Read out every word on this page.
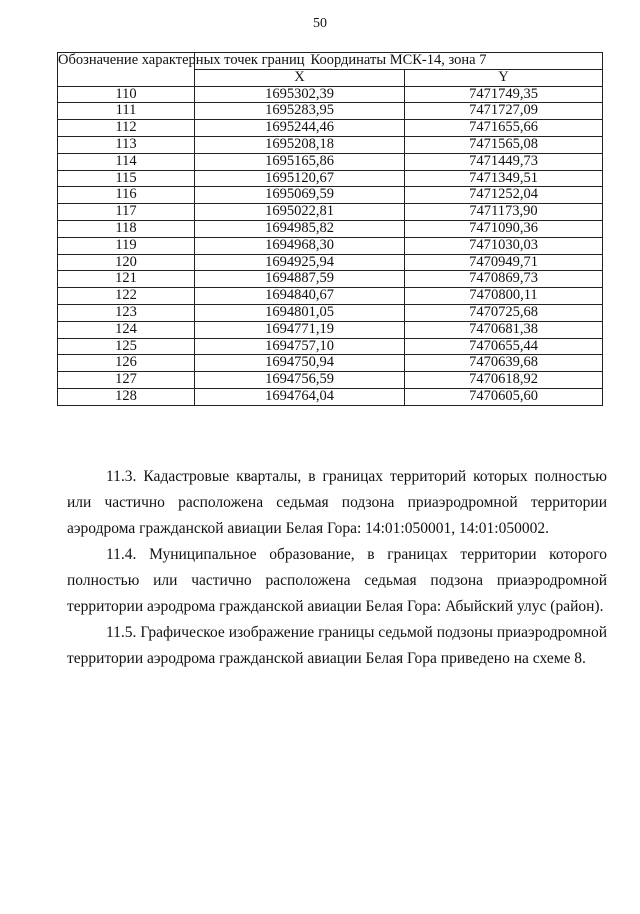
50
Обозначение характерных точек границ	Координаты МСК-14, зона 7	
	X	Y
110	1695302,39	7471749,35
111	1695283,95	7471727,09
112	1695244,46	7471655,66
113	1695208,18	7471565,08
114	1695165,86	7471449,73
115	1695120,67	7471349,51
116	1695069,59	7471252,04
117	1695022,81	7471173,90
118	1694985,82	7471090,36
119	1694968,30	7471030,03
120	1694925,94	7470949,71
121	1694887,59	7470869,73
122	1694840,67	7470800,11
123	1694801,05	7470725,68
124	1694771,19	7470681,38
125	1694757,10	7470655,44
126	1694750,94	7470639,68
127	1694756,59	7470618,92
128	1694764,04	7470605,60

11.3. Кадастровые кварталы, в границах территорий которых полностью или частично расположена седьмая подзона приаэродромной территории аэродрома гражданской авиации Белая Гора: 14:01:050001, 14:01:050002.

11.4. Муниципальное образование, в границах территории которого полностью или частично расположена седьмая подзона приаэродромной территории аэродрома гражданской авиации Белая Гора: Абыйский улус (район).

11.5. Графическое изображение границы седьмой подзоны приаэродромной территории аэродрома гражданской авиации Белая Гора приведено на схеме 8.
